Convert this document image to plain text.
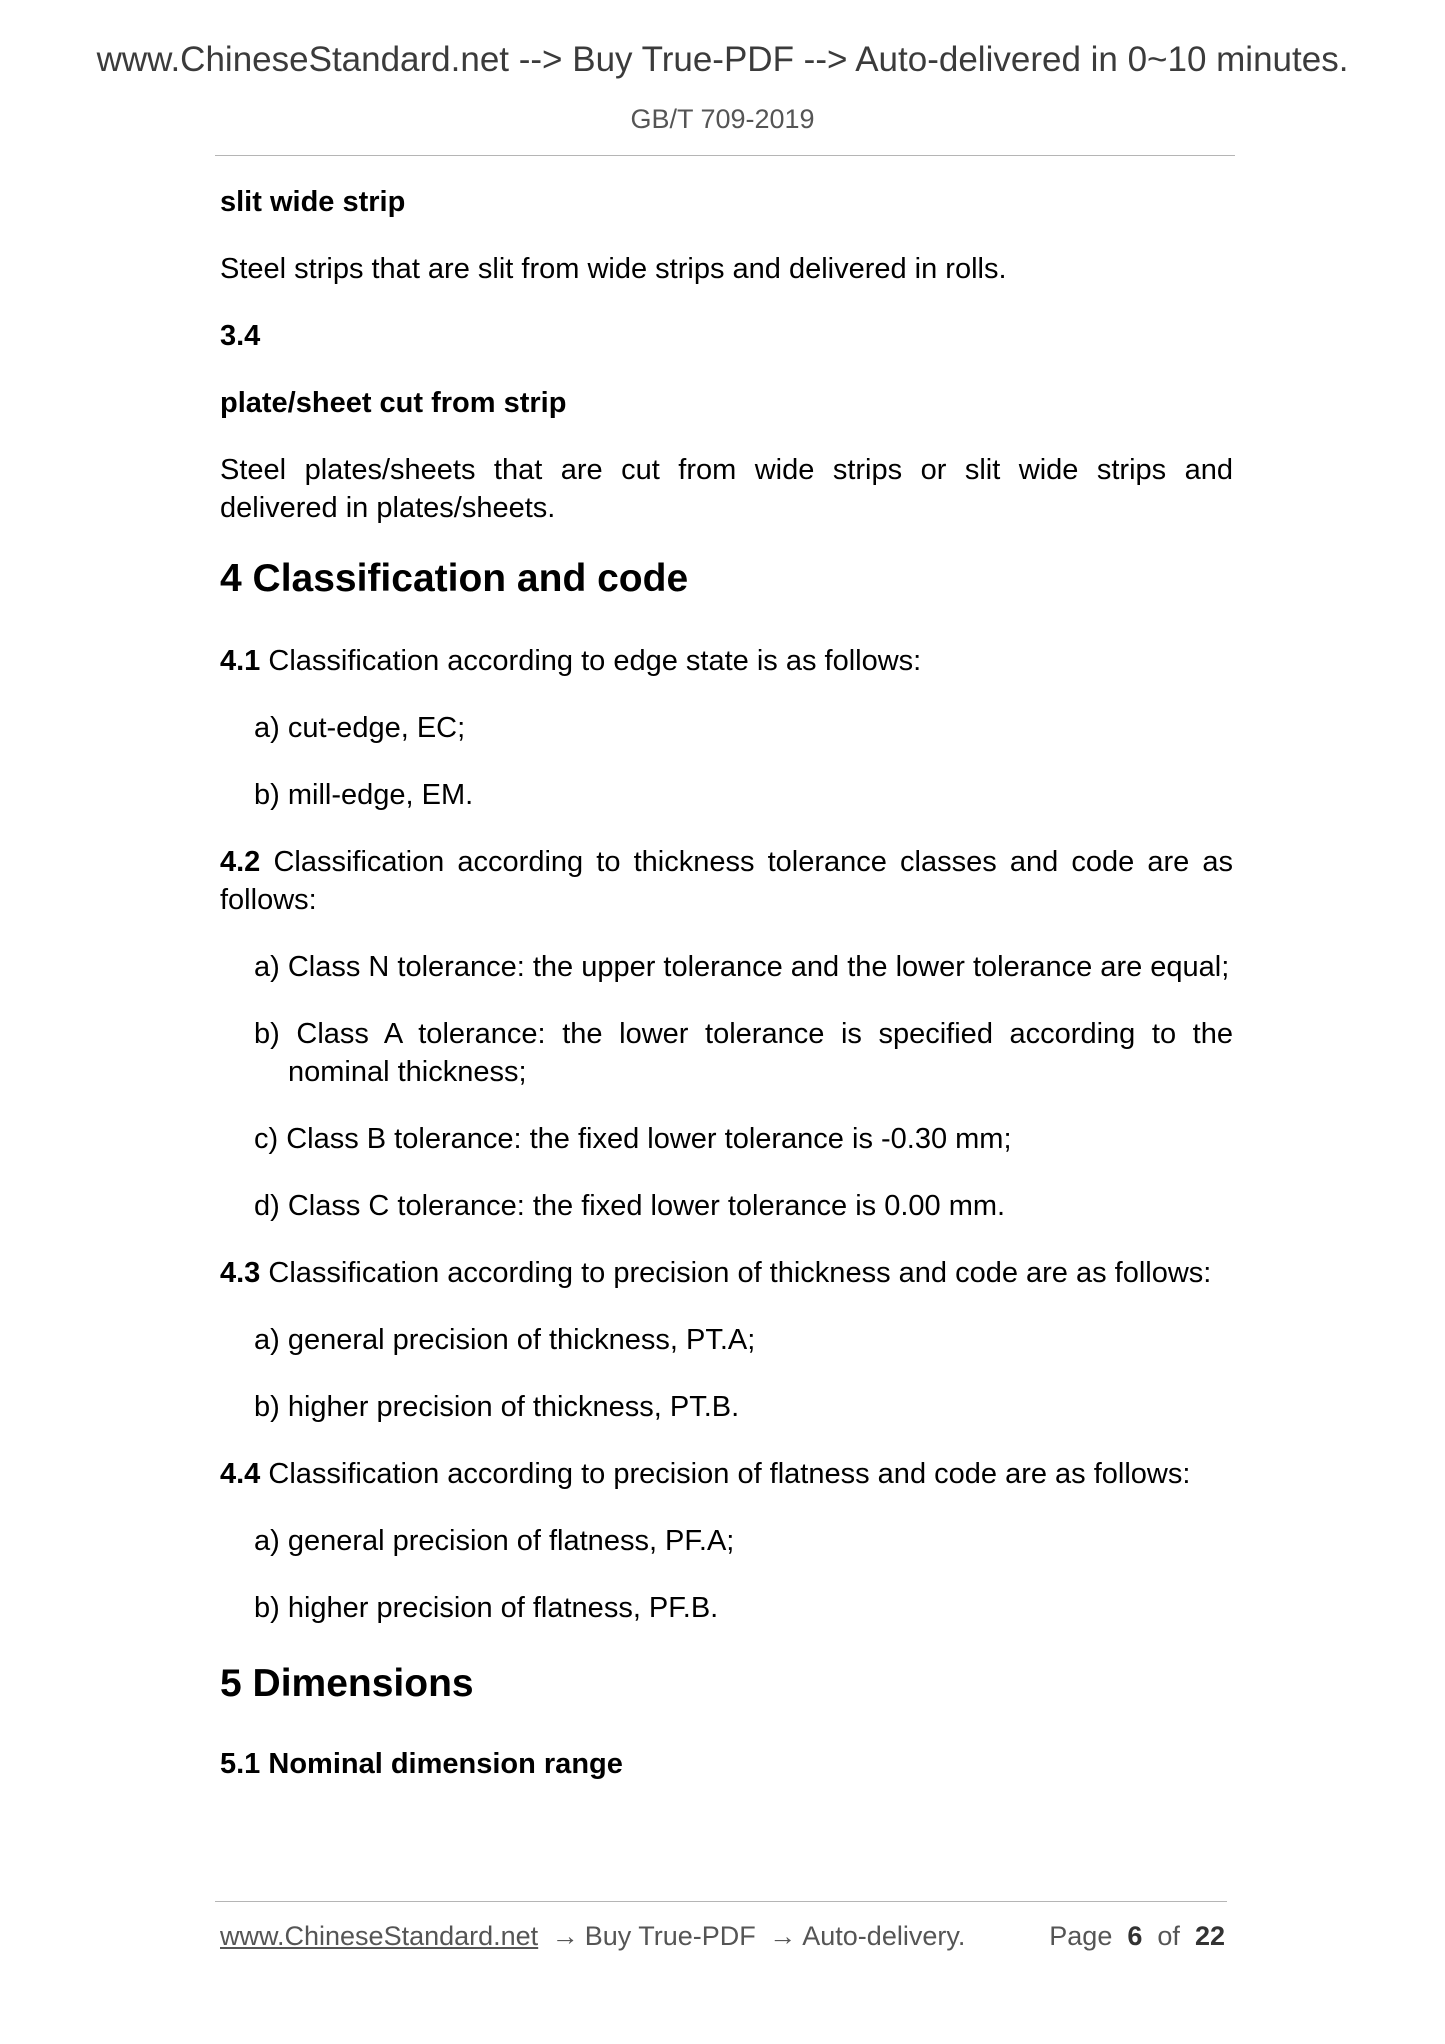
www.ChineseStandard.net --> Buy True-PDF --> Auto-delivered in 0~10 minutes.
GB/T 709-2019
slit wide strip
Steel strips that are slit from wide strips and delivered in rolls.
3.4
plate/sheet cut from strip
Steel plates/sheets that are cut from wide strips or slit wide strips and delivered in plates/sheets.
4 Classification and code
4.1 Classification according to edge state is as follows:
a) cut-edge, EC;
b) mill-edge, EM.
4.2 Classification according to thickness tolerance classes and code are as follows:
a) Class N tolerance: the upper tolerance and the lower tolerance are equal;
b) Class A tolerance: the lower tolerance is specified according to the nominal thickness;
c) Class B tolerance: the fixed lower tolerance is -0.30 mm;
d) Class C tolerance: the fixed lower tolerance is 0.00 mm.
4.3 Classification according to precision of thickness and code are as follows:
a) general precision of thickness, PT.A;
b) higher precision of thickness, PT.B.
4.4 Classification according to precision of flatness and code are as follows:
a) general precision of flatness, PF.A;
b) higher precision of flatness, PF.B.
5 Dimensions
5.1 Nominal dimension range
www.ChineseStandard.net → Buy True-PDF → Auto-delivery.	Page 6 of 22
